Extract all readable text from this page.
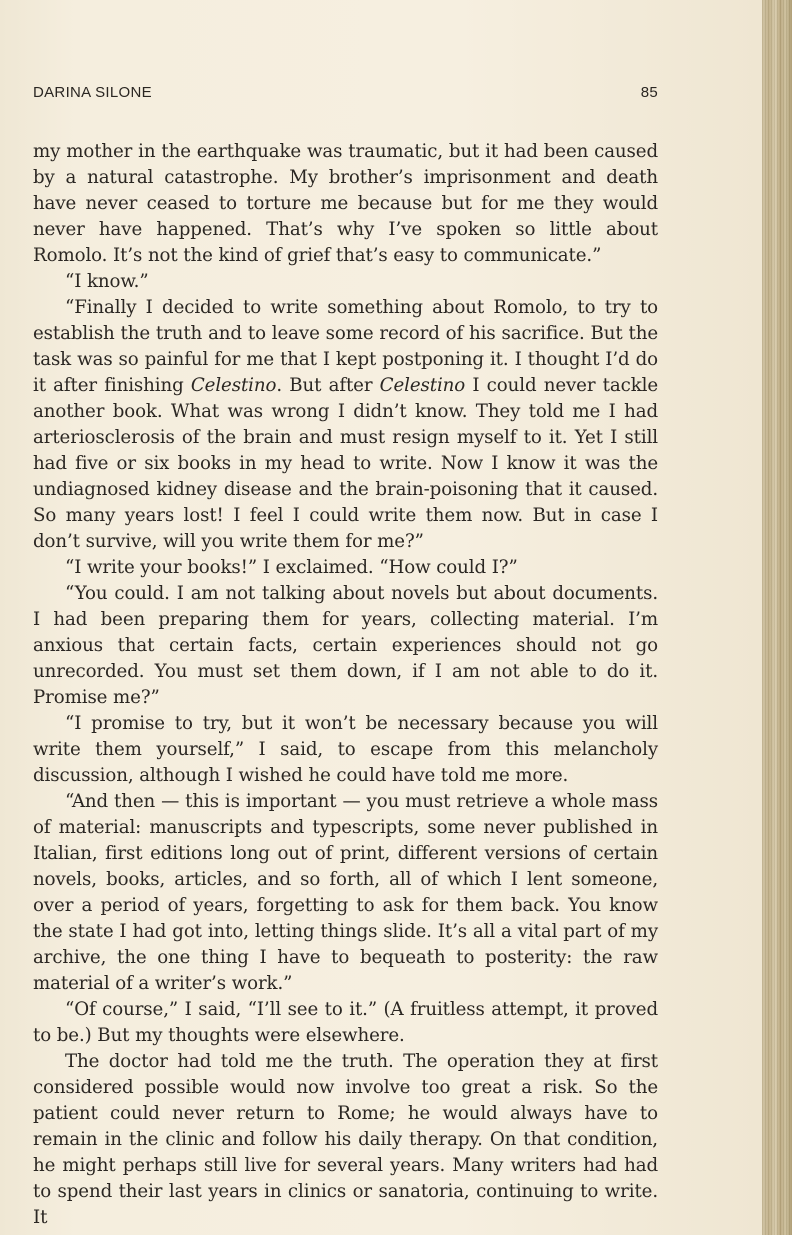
DARINA SILONE	85

my mother in the earthquake was traumatic, but it had been caused by a natural catastrophe. My brother’s imprisonment and death have never ceased to torture me because but for me they would never have happened. That’s why I’ve spoken so little about Romolo. It’s not the kind of grief that’s easy to communicate.”

“I know.”

“Finally I decided to write something about Romolo, to try to establish the truth and to leave some record of his sacrifice. But the task was so painful for me that I kept postponing it. I thought I’d do it after finishing Celestino. But after Celestino I could never tackle another book. What was wrong I didn’t know. They told me I had arteriosclerosis of the brain and must resign myself to it. Yet I still had five or six books in my head to write. Now I know it was the undiagnosed kidney disease and the brain-poisoning that it caused. So many years lost! I feel I could write them now. But in case I don’t survive, will you write them for me?”

“I write your books!” I exclaimed. “How could I?”

“You could. I am not talking about novels but about documents. I had been preparing them for years, collecting material. I’m anxious that certain facts, certain experiences should not go unrecorded. You must set them down, if I am not able to do it. Promise me?”

“I promise to try, but it won’t be necessary because you will write them yourself,” I said, to escape from this melancholy discussion, although I wished he could have told me more.

“And then — this is important — you must retrieve a whole mass of material: manuscripts and typescripts, some never published in Italian, first editions long out of print, different versions of certain novels, books, articles, and so forth, all of which I lent someone, over a period of years, forgetting to ask for them back. You know the state I had got into, letting things slide. It’s all a vital part of my archive, the one thing I have to bequeath to posterity: the raw material of a writer’s work.”

“Of course,” I said, “I’ll see to it.” (A fruitless attempt, it proved to be.) But my thoughts were elsewhere.

The doctor had told me the truth. The operation they at first considered possible would now involve too great a risk. So the patient could never return to Rome; he would always have to remain in the clinic and follow his daily therapy. On that condition, he might perhaps still live for several years. Many writers had had to spend their last years in clinics or sanatoria, continuing to write. It
